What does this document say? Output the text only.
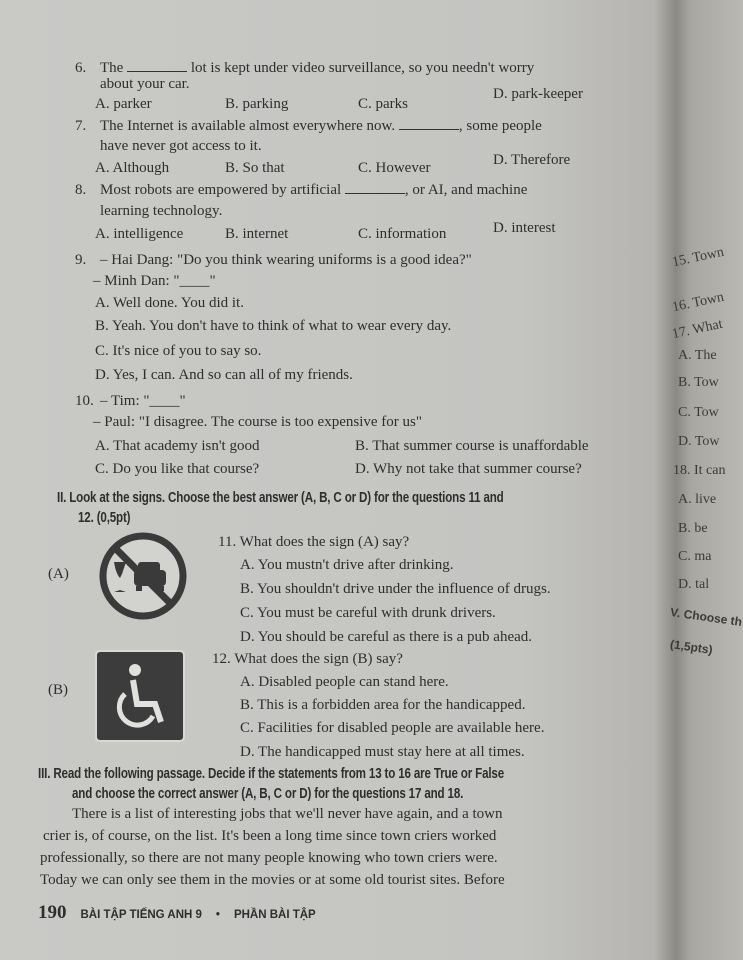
6. The	lot is kept under video surveillance, so you needn't worry
about your car.
A. parker	B. parking	C. parks
D. park-keeper
7. The Internet is available almost everywhere now.	, some people
have never got access to it.
A. Although	B. So that	C. However	D. Therefore
8. Most robots are empowered by artificial	, or AI, and machine
learning technology.
A. intelligence	B. internet	C. information	D. interest
9. – Hai Dang: "Do you think wearing uniforms is a good idea?"
– Minh Dan: "____"
A. Well done. You did it.
B. Yeah. You don't have to think of what to wear every day.
C. It's nice of you to say so.
D. Yes, I can. And so can all of my friends.
10. – Tim: "____"
– Paul: "I disagree. The course is too expensive for us"
A. That academy isn't good	B. That summer course is unaffordable
C. Do you like that course?	D. Why not take that summer course?
II. Look at the signs. Choose the best answer (A, B, C or D) for the questions 11 and
12. (0,5pt)
(A)
(B)
11. What does the sign (A) say?
A. You mustn't drive after drinking.
B. You shouldn't drive under the influence of drugs.
C. You must be careful with drunk drivers.
D. You should be careful as there is a pub ahead.
12. What does the sign (B) say?
A. Disabled people can stand here.
B. This is a forbidden area for the handicapped.
C. Facilities for disabled people are available here.
D. The handicapped must stay here at all times.
III. Read the following passage. Decide if the statements from 13 to 16 are True or False
and choose the correct answer (A, B, C or D) for the questions 17 and 18.
There is a list of interesting jobs that we'll never have again, and a town
crier is, of course, on the list. It's been a long time since town criers worked
professionally, so there are not many people knowing who town criers were.
Today we can only see them in the movies or at some old tourist sites. Before
190 BÀI TẬP TIẾNG ANH 9 • PHẦN BÀI TẬP
15. Town
16. Town
17. What
A. The
B. Tow
C. Tow
D. Tow
18. It can
A. live
B. be
C. ma
D. tal
V. Choose th
(1,5pts)
